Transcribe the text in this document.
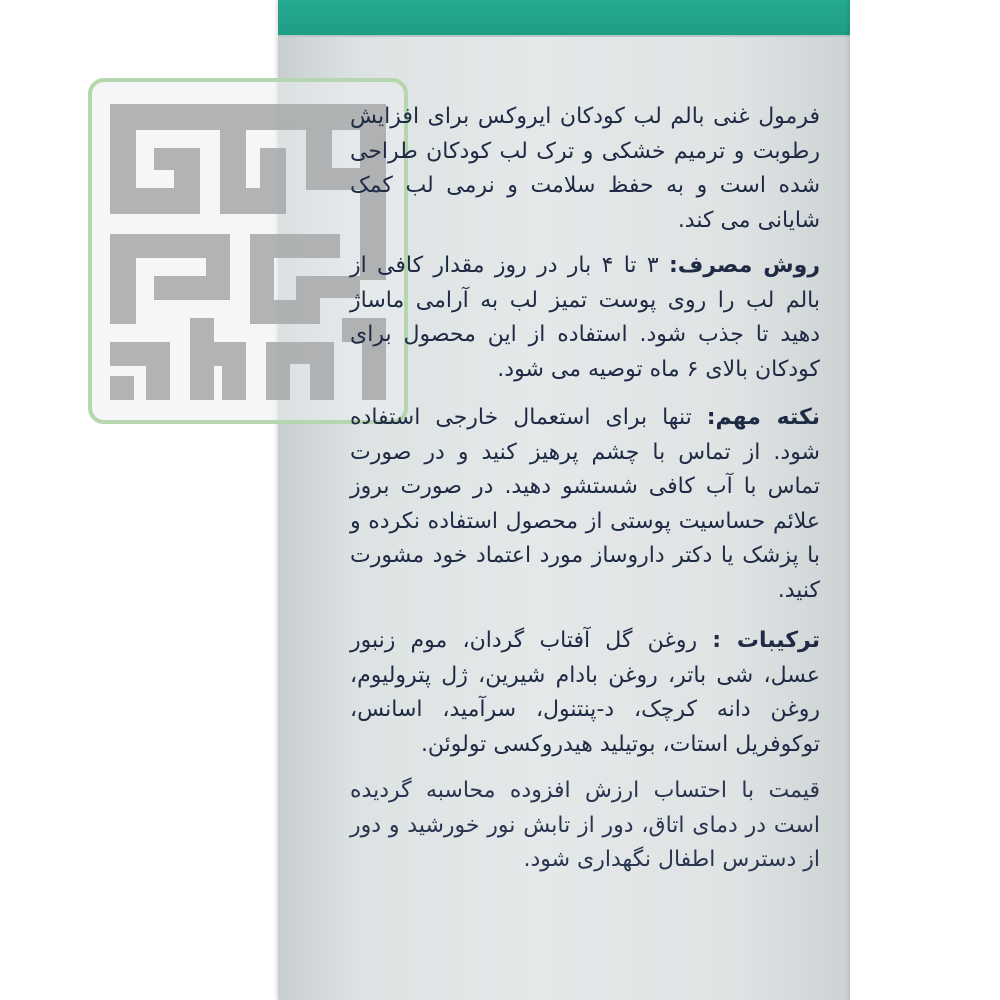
فرمول غنی بالم لب کودکان ایروکس برای افزایش رطوبت و ترمیم خشکی و ترک لب کودکان طراحی شده است و به حفظ سلامت و نرمی لب کمک شایانی می کند.

روش مصرف: ۳ تا ۴ بار در روز مقدار کافی از بالم لب را روی پوست تمیز لب به آرامی ماساژ دهید تا جذب شود. استفاده از این محصول برای کودکان بالای ۶ ماه توصیه می شود.

نکته مهم: تنها برای استعمال خارجی استفاده شود. از تماس با چشم پرهیز کنید و در صورت تماس با آب کافی شستشو دهید. در صورت بروز علائم حساسیت پوستی از محصول استفاده نکرده و با پزشک یا دکتر داروساز مورد اعتماد خود مشورت کنید.

ترکیبات : روغن گل آفتاب گردان، موم زنبور عسل، شی باتر، روغن بادام شیرین، ژل پترولیوم، روغن دانه کرچک، د-پنتنول، سرآمید، اسانس، توکوفریل استات، بوتیلید هیدروکسی تولوئن.

قیمت با احتساب ارزش افزوده محاسبه گردیده است در دمای اتاق، دور از تابش نور خورشید و دور از دسترس اطفال نگهداری شود.
